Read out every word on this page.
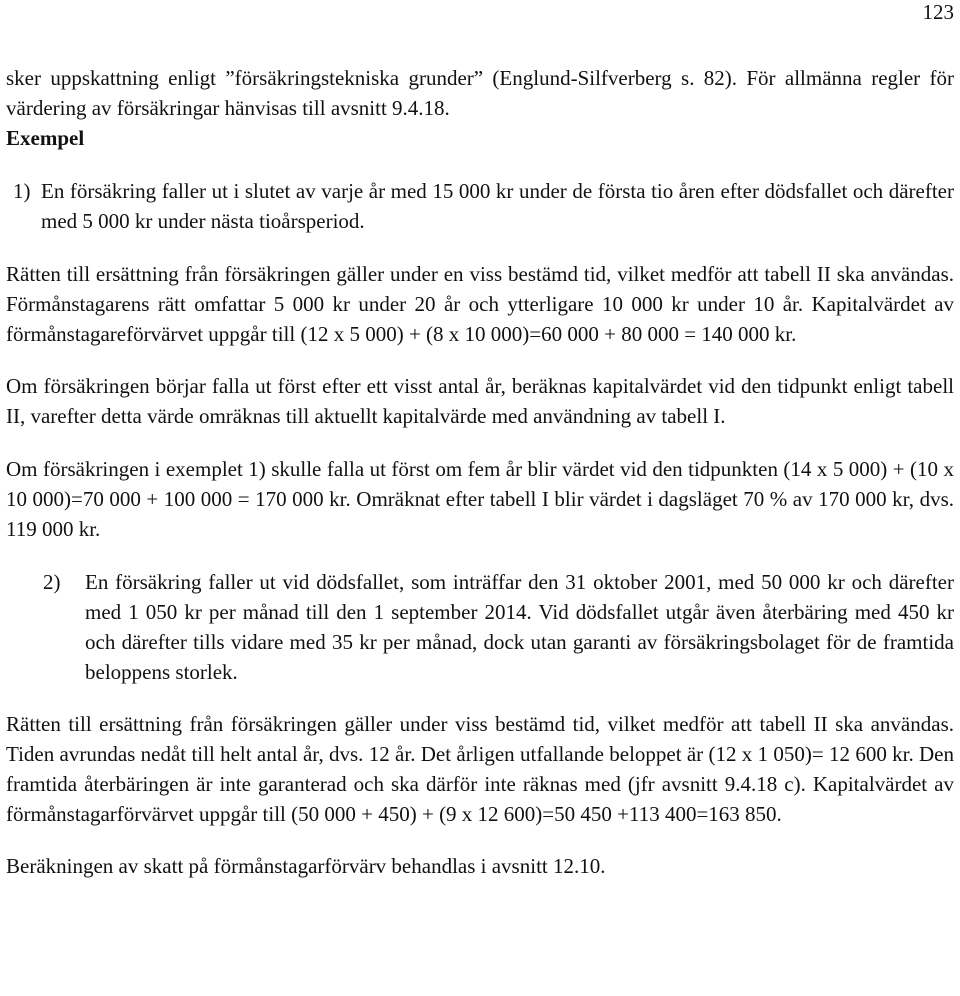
123

sker uppskattning enligt ”försäkringstekniska grunder” (Englund-Silfverberg s. 82). För allmänna regler för värdering av försäkringar hänvisas till avsnitt 9.4.18.

Exempel

1) En försäkring faller ut i slutet av varje år med 15 000 kr under de första tio åren efter dödsfallet och därefter med 5 000 kr under nästa tioårsperiod.

Rätten till ersättning från försäkringen gäller under en viss bestämd tid, vilket medför att tabell II ska användas. Förmånstagarens rätt omfattar 5 000 kr under 20 år och ytterligare 10 000 kr under 10 år. Kapitalvärdet av förmånstagareförvärvet uppgår till (12 x 5 000) + (8 x 10 000)=60 000 + 80 000 = 140 000 kr.

Om försäkringen börjar falla ut först efter ett visst antal år, beräknas kapitalvärdet vid den tidpunkt enligt tabell II, varefter detta värde omräknas till aktuellt kapitalvärde med användning av tabell I.

Om försäkringen i exemplet 1) skulle falla ut först om fem år blir värdet vid den tidpunkten (14 x 5 000) + (10 x 10 000)=70 000 + 100 000 = 170 000 kr. Omräknat efter tabell I blir värdet i dagsläget 70 % av 170 000 kr, dvs. 119 000 kr.

2)	En försäkring faller ut vid dödsfallet, som inträffar den 31 oktober 2001, med 50 000 kr och därefter med 1 050 kr per månad till den 1 september 2014. Vid dödsfallet utgår även återbäring med 450 kr och därefter tills vidare med 35 kr per månad, dock utan garanti av försäkringsbolaget för de framtida beloppens storlek.

Rätten till ersättning från försäkringen gäller under viss bestämd tid, vilket medför att tabell II ska användas. Tiden avrundas nedåt till helt antal år, dvs. 12 år. Det årligen utfallande beloppet är (12 x 1 050)= 12 600 kr. Den framtida återbäringen är inte garanterad och ska därför inte räknas med (jfr avsnitt 9.4.18 c). Kapitalvärdet av förmånstagarförvärvet uppgår till (50 000 + 450) + (9 x 12 600)=50 450 +113 400=163 850.

Beräkningen av skatt på förmånstagarförvärv behandlas i avsnitt 12.10.
